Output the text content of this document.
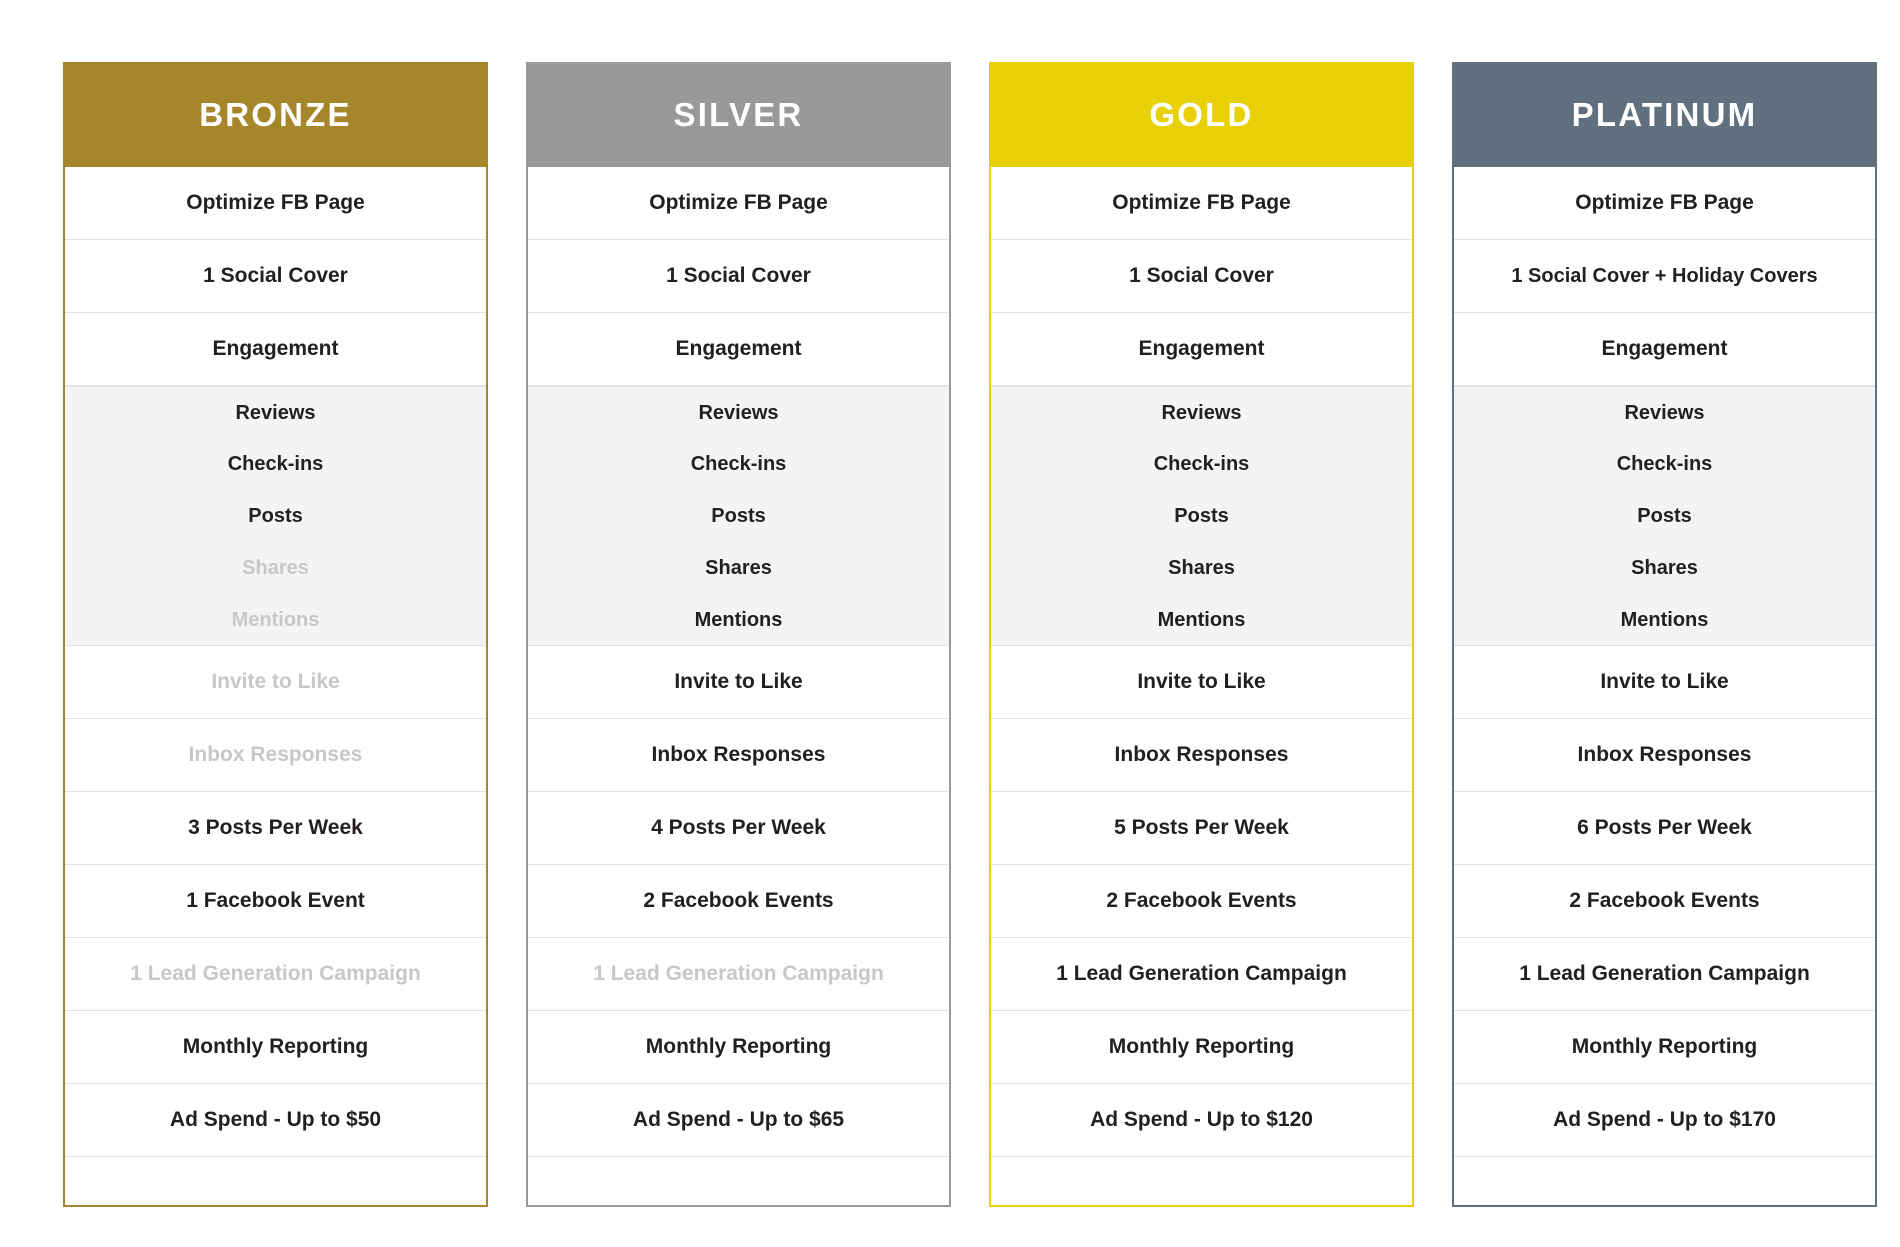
BRONZE
Optimize FB Page
1 Social Cover
Engagement
Reviews
Check-ins
Posts
Shares
Mentions
Invite to Like
Inbox Responses
3 Posts Per Week
1 Facebook Event
1 Lead Generation Campaign
Monthly Reporting
Ad Spend - Up to $50
SILVER
Optimize FB Page
1 Social Cover
Engagement
Reviews
Check-ins
Posts
Shares
Mentions
Invite to Like
Inbox Responses
4 Posts Per Week
2 Facebook Events
1 Lead Generation Campaign
Monthly Reporting
Ad Spend - Up to $65
GOLD
Optimize FB Page
1 Social Cover
Engagement
Reviews
Check-ins
Posts
Shares
Mentions
Invite to Like
Inbox Responses
5 Posts Per Week
2 Facebook Events
1 Lead Generation Campaign
Monthly Reporting
Ad Spend - Up to $120
PLATINUM
Optimize FB Page
1 Social Cover + Holiday Covers
Engagement
Reviews
Check-ins
Posts
Shares
Mentions
Invite to Like
Inbox Responses
6 Posts Per Week
2 Facebook Events
1 Lead Generation Campaign
Monthly Reporting
Ad Spend - Up to $170
